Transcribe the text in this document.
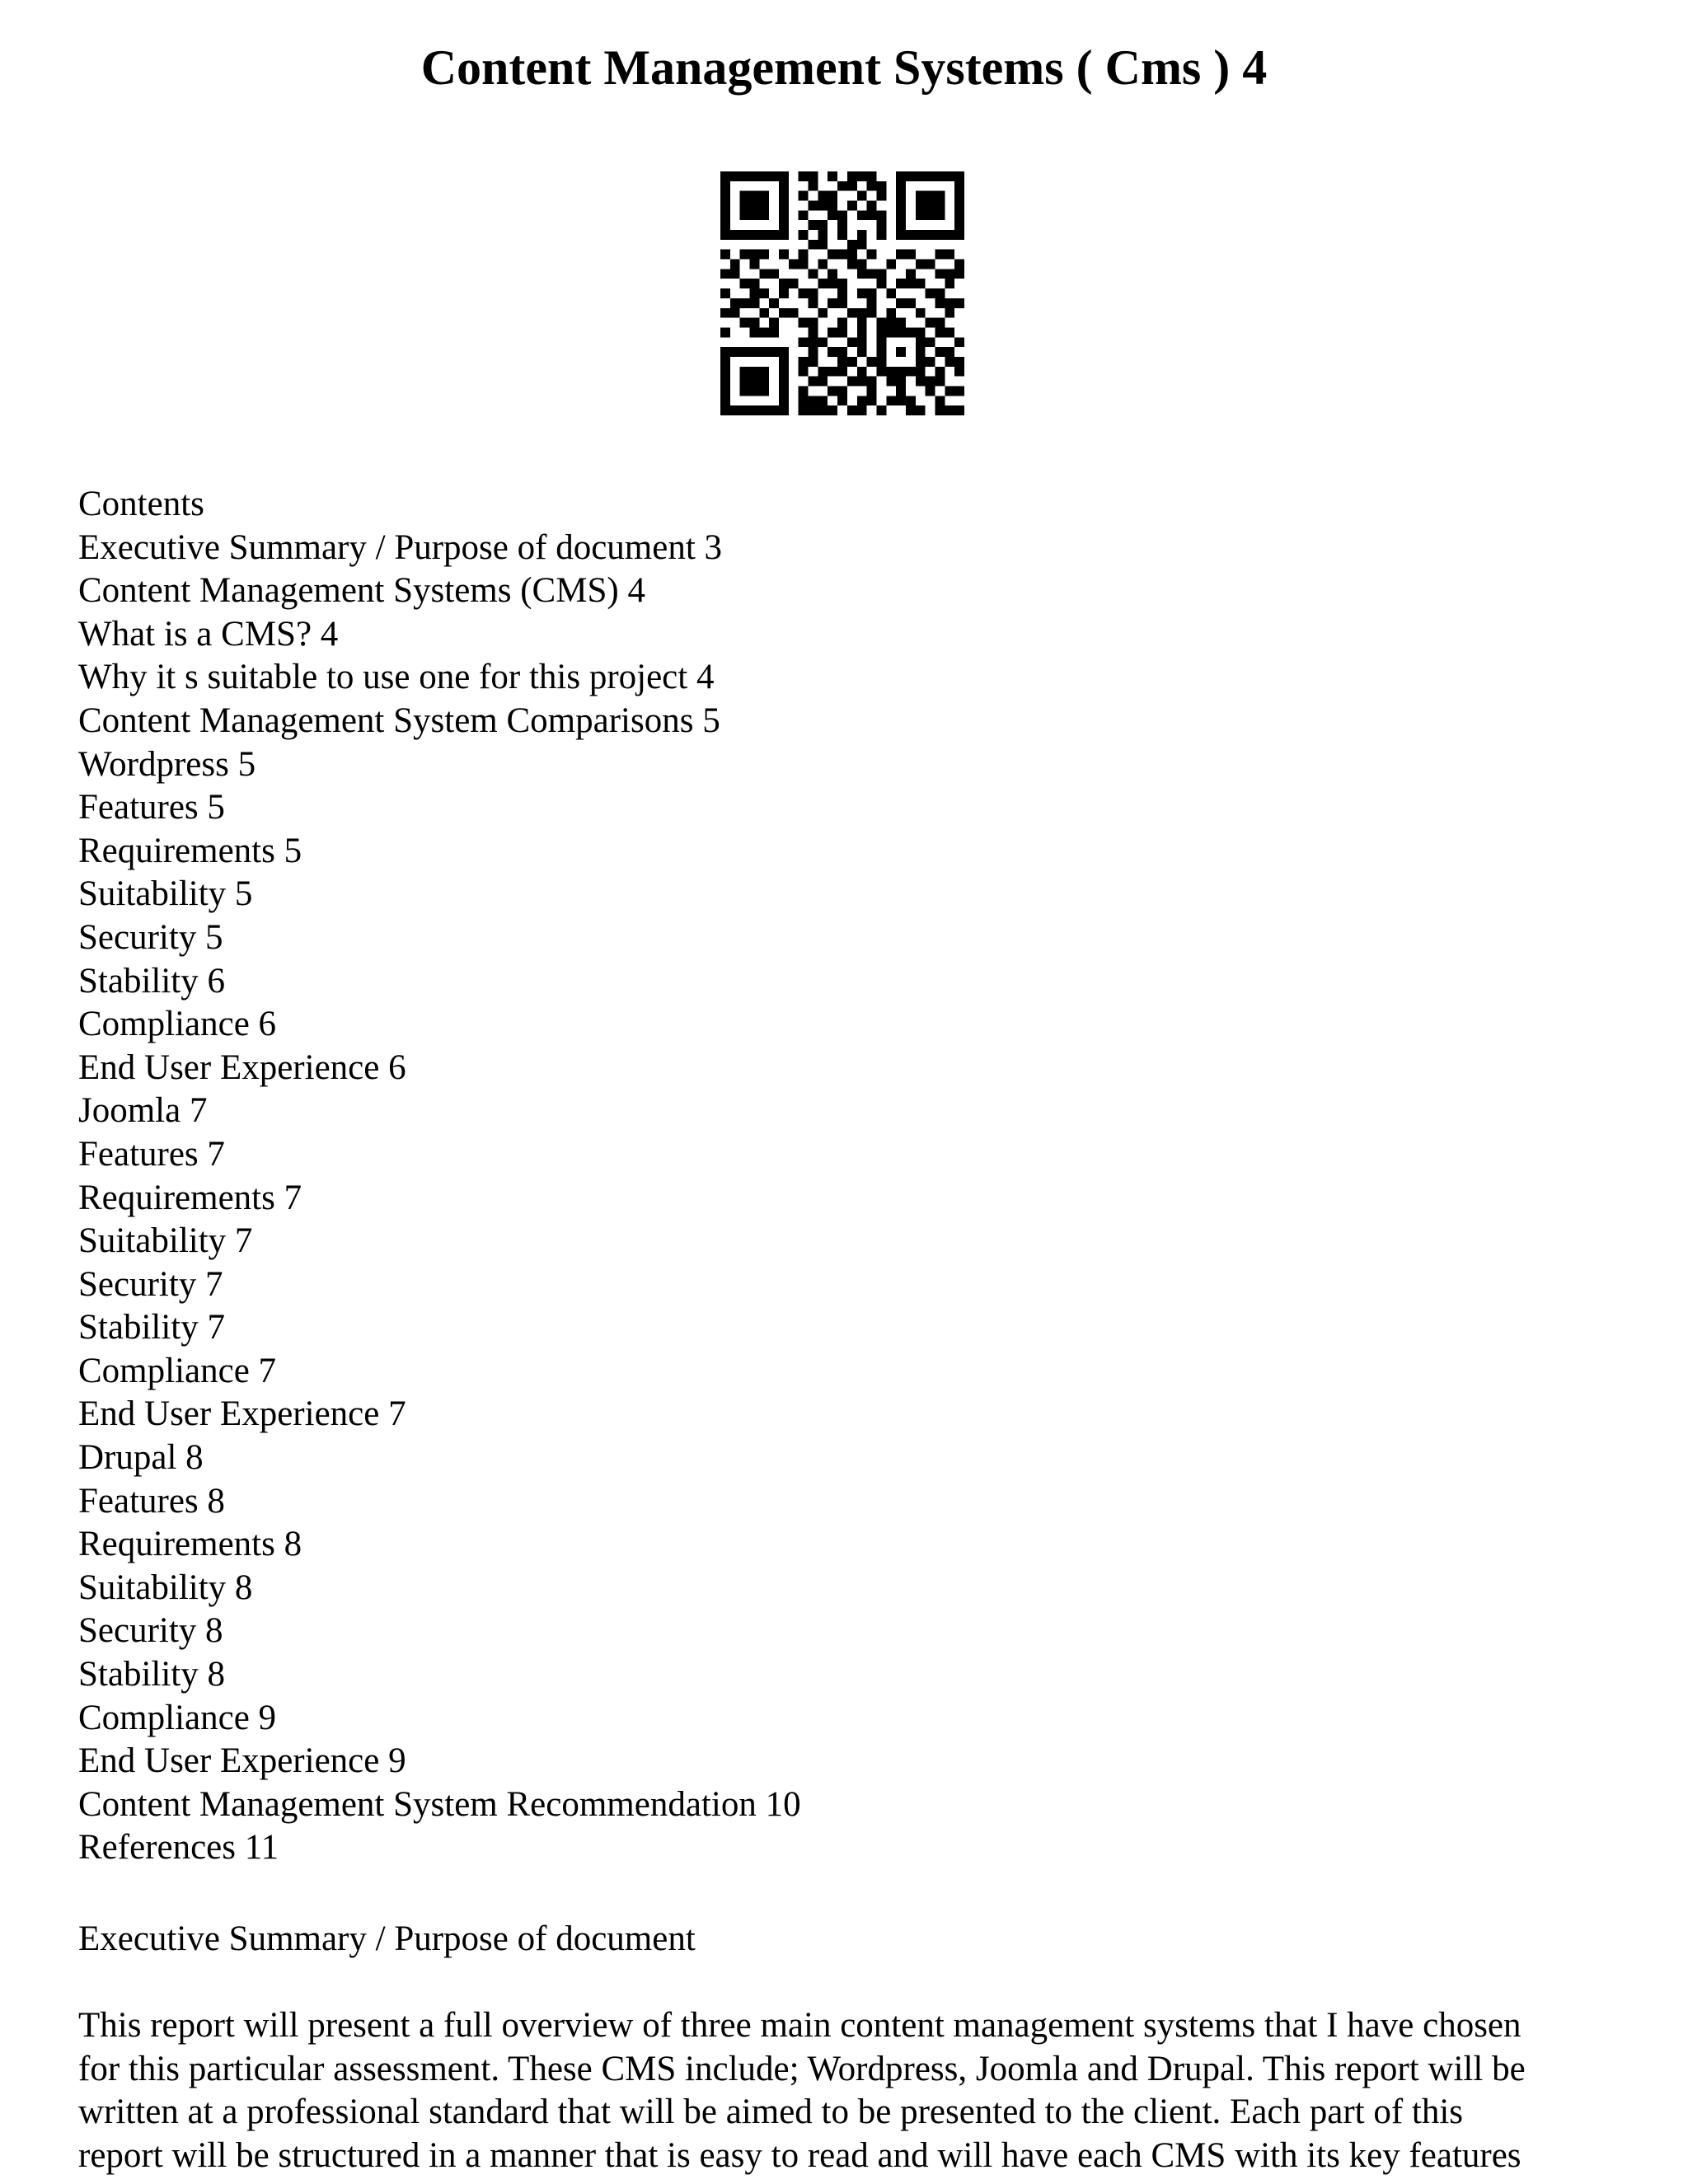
Content Management Systems ( Cms ) 4
Contents
Executive Summary / Purpose of document 3
Content Management Systems (CMS) 4
What is a CMS? 4
Why it s suitable to use one for this project 4
Content Management System Comparisons 5
Wordpress 5
Features 5
Requirements 5
Suitability 5
Security 5
Stability 6
Compliance 6
End User Experience 6
Joomla 7
Features 7
Requirements 7
Suitability 7
Security 7
Stability 7
Compliance 7
End User Experience 7
Drupal 8
Features 8
Requirements 8
Suitability 8
Security 8
Stability 8
Compliance 9
End User Experience 9
Content Management System Recommendation 10
References 11
Executive Summary / Purpose of document

This report will present a full overview of three main content management systems that I have chosen
for this particular assessment. These CMS include; Wordpress, Joomla and Drupal. This report will be
written at a professional standard that will be aimed to be presented to the client. Each part of this
report will be structured in a manner that is easy to read and will have each CMS with its key features
